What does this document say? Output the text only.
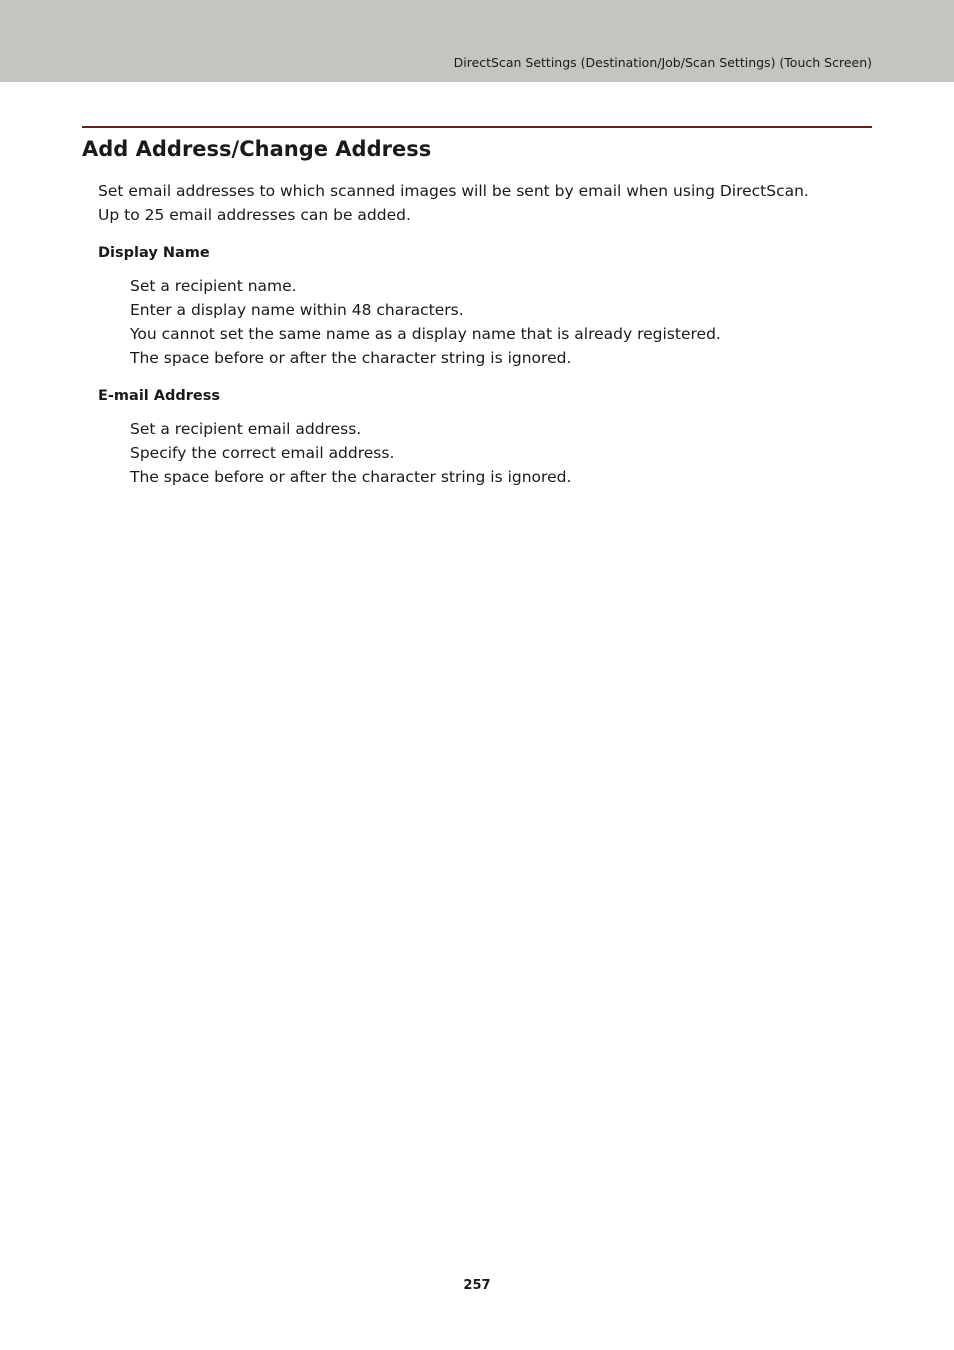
DirectScan Settings (Destination/Job/Scan Settings) (Touch Screen)
Add Address/Change Address

Set email addresses to which scanned images will be sent by email when using DirectScan.

Up to 25 email addresses can be added.

Display Name

Set a recipient name.

Enter a display name within 48 characters.

You cannot set the same name as a display name that is already registered.

The space before or after the character string is ignored.

E-mail Address

Set a recipient email address.

Specify the correct email address.

The space before or after the character string is ignored.

257
